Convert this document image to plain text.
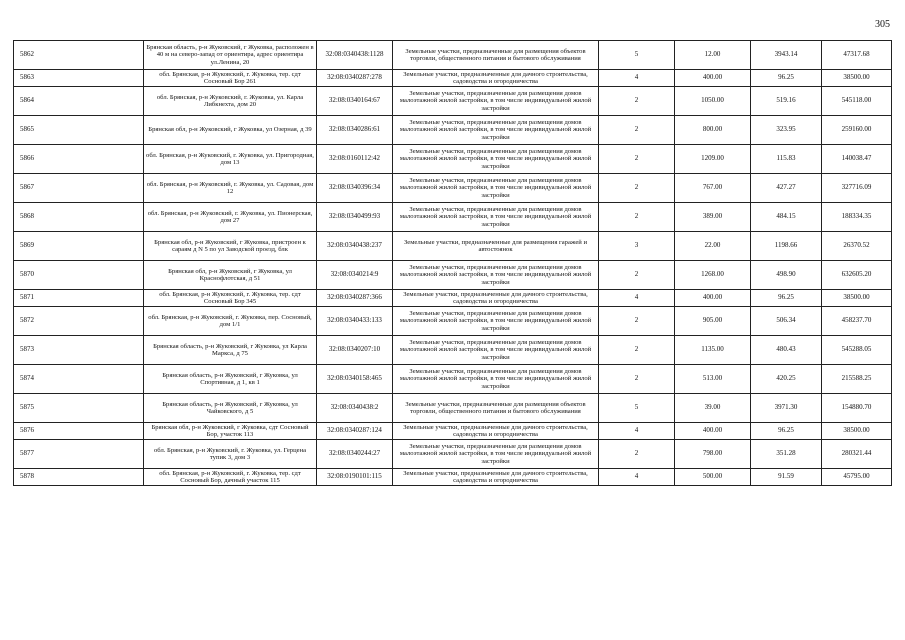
305
5862	Брянская область, р-н Жуковский, г Жуковка, расположен в 40 м на северо-запад от ориентира, адрес ориентира ул.Ленина, 20	32:08:0340438:1128	Земельные участки, предназначенные для размещения объектов торговли, общественного питания и бытового обслуживания	5	12.00	3943.14	47317.68
5863	обл. Брянская, р-н Жуковский, г. Жуковка, тер. сдт Сосновый Бор 261	32:08:0340287:278	Земельные участки, предназначенные для дачного строительства, садоводства и огородничества	4	400.00	96.25	38500.00
5864	обл. Брянская, р-н Жуковский, г. Жуковка, ул. Карла Либкнехта, дом 20	32:08:0340164:67	Земельные участки, предназначенные для размещения домов малоэтажной жилой застройки, в том числе индивидуальной жилой застройки	2	1050.00	519.16	545118.00
5865	Брянская обл, р-н Жуковский, г Жуковка, ул Озерная, д 39	32:08:0340286:61	Земельные участки, предназначенные для размещения домов малоэтажной жилой застройки, в том числе индивидуальной жилой застройки	2	800.00	323.95	259160.00
5866	обл. Брянская, р-н Жуковский, г. Жуковка, ул. Пригородная, дом 13	32:08:0160112:42	Земельные участки, предназначенные для размещения домов малоэтажной жилой застройки, в том числе индивидуальной жилой застройки	2	1209.00	115.83	140038.47
5867	обл. Брянская, р-н Жуковский, г. Жуковка, ул. Садовая, дом 12	32:08:0340396:34	Земельные участки, предназначенные для размещения домов малоэтажной жилой застройки, в том числе индивидуальной жилой застройки	2	767.00	427.27	327716.09
5868	обл. Брянская, р-н Жуковский, г. Жуковка, ул. Пионерская, дом 27	32:08:0340499:93	Земельные участки, предназначенные для размещения домов малоэтажной жилой застройки, в том числе индивидуальной жилой застройки	2	389.00	484.15	188334.35
5869	Брянская обл, р-н Жуковский, г Жуковка, пристроен к сараям д N 5 по ул Заводской проезд, блк	32:08:0340438:237	Земельные участки, предназначенные для размещения гаражей и автостоянок	3	22.00	1198.66	26370.52
5870	Брянская обл, р-н Жуковский, г Жуковка, ул Краснофлотская, д 51	32:08:0340214:9	Земельные участки, предназначенные для размещения домов малоэтажной жилой застройки, в том числе индивидуальной жилой застройки	2	1268.00	498.90	632605.20
5871	обл. Брянская, р-н Жуковский, г. Жуковка, тер. сдт Сосновый Бор 345	32:08:0340287:366	Земельные участки, предназначенные для дачного строительства, садоводства и огородничества	4	400.00	96.25	38500.00
5872	обл. Брянская, р-н Жуковский, г. Жуковка, пер. Сосновый, дом 1/1	32:08:0340433:133	Земельные участки, предназначенные для размещения домов малоэтажной жилой застройки, в том числе индивидуальной жилой застройки	2	905.00	506.34	458237.70
5873	Брянская область, р-н Жуковский, г Жуковка, ул Карла Маркса, д 75	32:08:0340207:10	Земельные участки, предназначенные для размещения домов малоэтажной жилой застройки, в том числе индивидуальной жилой застройки	2	1135.00	480.43	545288.05
5874	Брянская область, р-н Жуковский, г Жуковка, ул Спортивная, д 1, кв 1	32:08:0340158:465	Земельные участки, предназначенные для размещения домов малоэтажной жилой застройки, в том числе индивидуальной жилой застройки	2	513.00	420.25	215588.25
5875	Брянская область, р-н Жуковский, г Жуковка, ул Чайковского, д 5	32:08:0340438:2	Земельные участки, предназначенные для размещения объектов торговли, общественного питания и бытового обслуживания	5	39.00	3971.30	154880.70
5876	Брянская обл, р-н Жуковский, г Жуковка, сдт Сосновый Бор, участок 113	32:08:0340287:124	Земельные участки, предназначенные для дачного строительства, садоводства и огородничества	4	400.00	96.25	38500.00
5877	обл. Брянская, р-н Жуковский, г. Жуковка, ул. Герцена тупик 3, дом 3	32:08:0340244:27	Земельные участки, предназначенные для размещения домов малоэтажной жилой застройки, в том числе индивидуальной жилой застройки	2	798.00	351.28	280321.44
5878	обл. Брянская, р-н Жуковский, г. Жуковка, тер. сдт Сосновый Бор, дачный участок 115	32:08:0190101:115	Земельные участки, предназначенные для дачного строительства, садоводства и огородничества	4	500.00	91.59	45795.00
